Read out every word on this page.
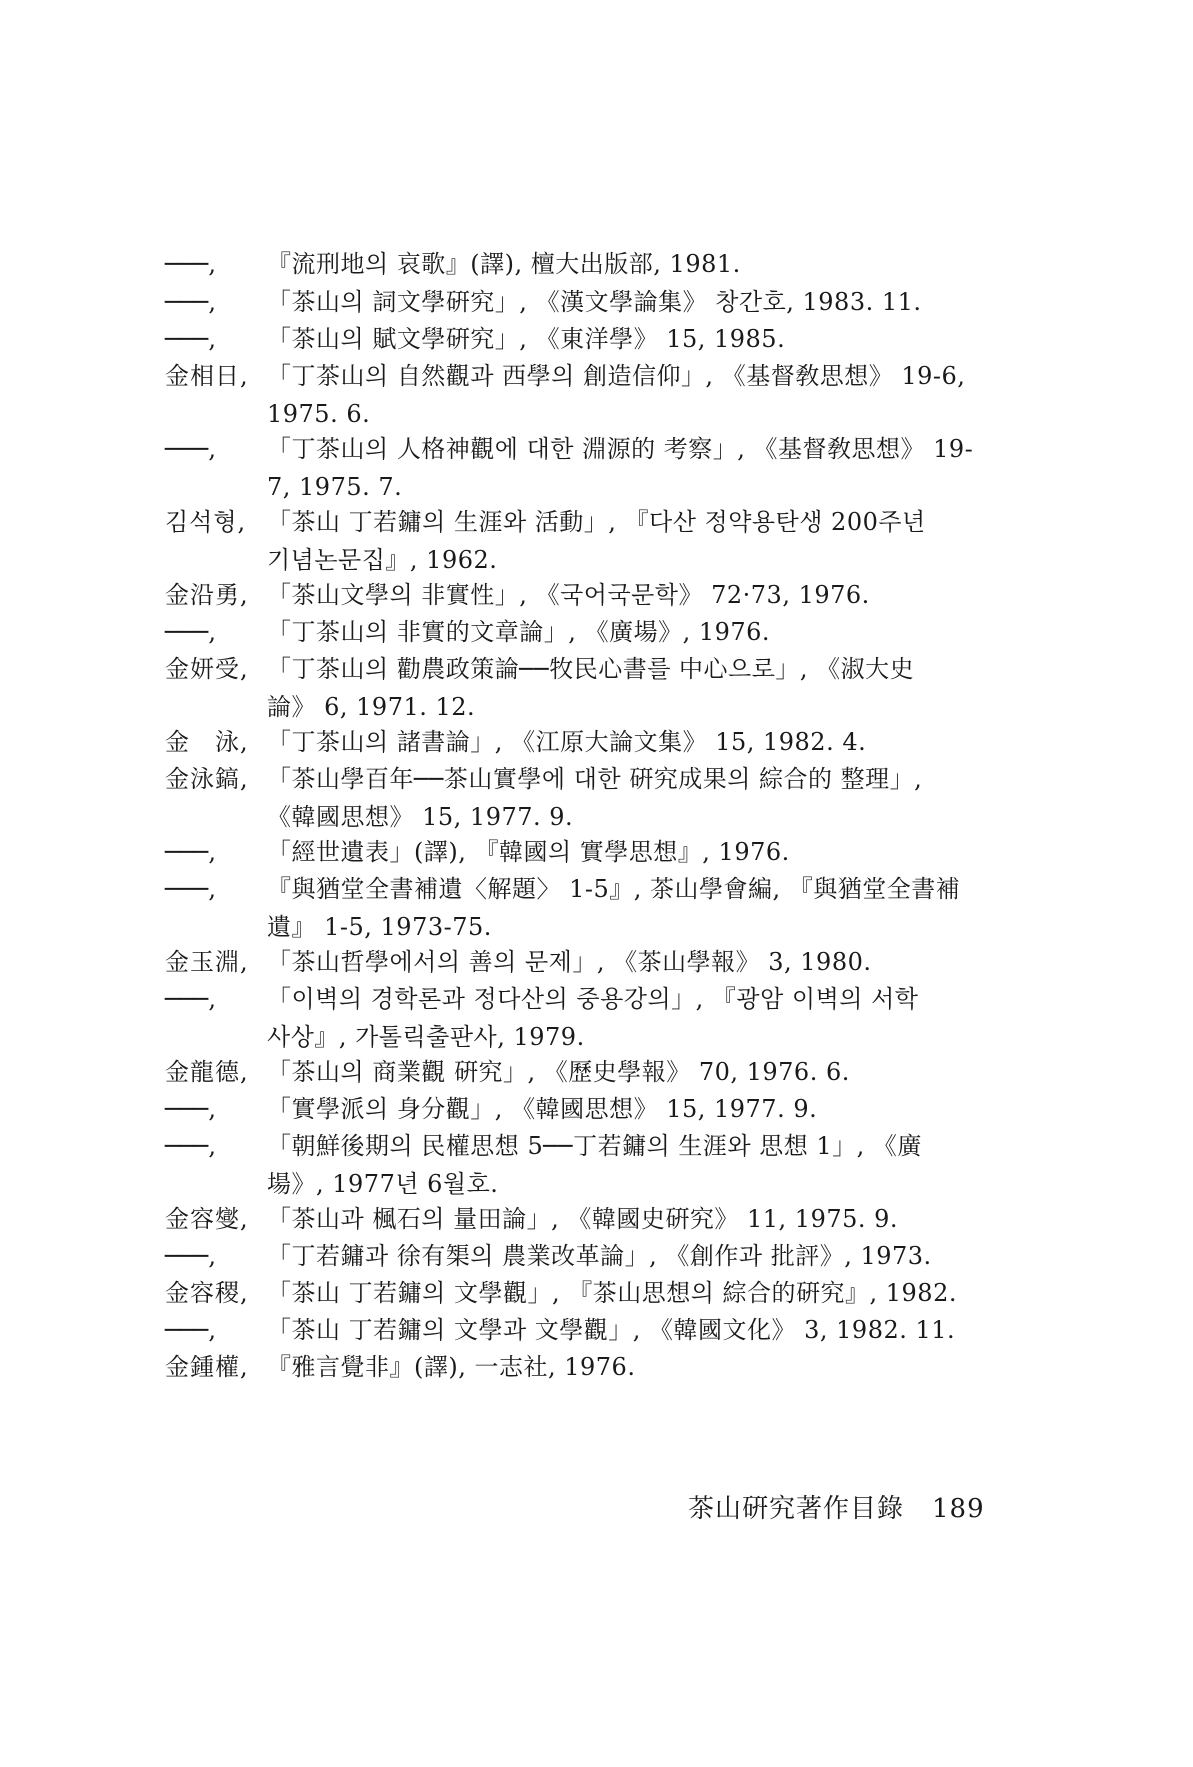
───,	『流刑地의 哀歌』(譯), 檀大出版部, 1981.
───,	「茶山의 詞文學硏究」, 《漢文學論集》 창간호, 1983. 11.
───,	「茶山의 賦文學硏究」, 《東洋學》 15, 1985.
金相日, 「丁茶山의 自然觀과 西學의 創造信仰」, 《基督敎思想》 19-6,
1975. 6.
───,	「丁茶山의 人格神觀에 대한 淵源的 考察」, 《基督敎思想》 19-
7, 1975. 7.
김석형, 「茶山 丁若鏞의 生涯와 活動」, 『다산 정약용탄생 200주년
기념논문집』, 1962.
金沿勇, 「茶山文學의 非實性」, 《국어국문학》 72·73, 1976.
───,	「丁茶山의 非實的文章論」, 《廣場》, 1976.
金妍受, 「丁茶山의 勸農政策論──牧民心書를 中心으로」, 《淑大史
論》 6, 1971. 12.
金　泳, 「丁茶山의 諸書論」, 《江原大論文集》 15, 1982. 4.
金泳鎬, 「茶山學百年──茶山實學에 대한 硏究成果의 綜合的 整理」,
《韓國思想》 15, 1977. 9.
───,	「經世遺表」(譯), 『韓國의 實學思想』, 1976.
───,	『與猶堂全書補遺〈解題〉 1-5』, 茶山學會編, 『與猶堂全書補
遺』 1-5, 1973-75.
金玉淵, 「茶山哲學에서의 善의 문제」, 《茶山學報》 3, 1980.
───,	「이벽의 경학론과 정다산의 중용강의」, 『광암 이벽의 서학
사상』, 가톨릭출판사, 1979.
金龍德, 「茶山의 商業觀 硏究」, 《歷史學報》 70, 1976. 6.
───,	「實學派의 身分觀」, 《韓國思想》 15, 1977. 9.
───,	「朝鮮後期의 民權思想 5──丁若鏞의 生涯와 思想 1」, 《廣
場》, 1977년 6월호.
金容燮, 「茶山과 楓石의 量田論」, 《韓國史硏究》 11, 1975. 9.
───,	「丁若鏞과 徐有榘의 農業改革論」, 《創作과 批評》, 1973.
金容稷, 「茶山 丁若鏞의 文學觀」, 『茶山思想의 綜合的硏究』, 1982.
───,	「茶山 丁若鏞의 文學과 文學觀」, 《韓國文化》 3, 1982. 11.
金鍾權, 『雅言覺非』(譯), 一志社, 1976.
茶山硏究著作目錄 189
